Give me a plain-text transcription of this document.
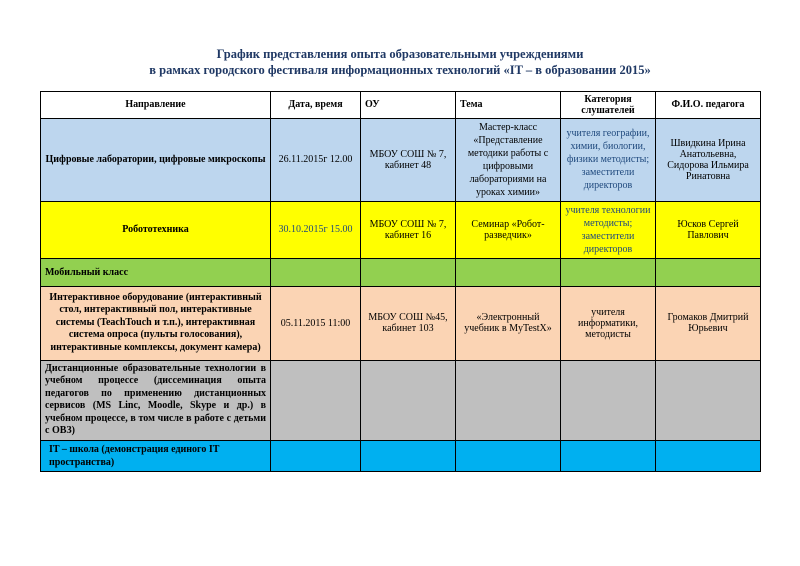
График представления опыта образовательными учреждениями
в рамках городского фестиваля информационных технологий «IT – в образовании 2015»
Направление	Дата, время	ОУ	Тема	Категория слушателей	Ф.И.О. педагога
Цифровые лаборатории, цифровые микроскопы	26.11.2015г 12.00	МБОУ СОШ № 7, кабинет 48	Мастер-класс «Представление методики работы с цифровыми лабораториями на уроках химии»	учителя географии, химии, биологии, физики методисты; заместители директоров	Швидкина Ирина Анатольевна, Сидорова Ильмира Ринатовна
Робототехника	30.10.2015г 15.00	МБОУ СОШ № 7, кабинет 16	Семинар «Робот-разведчик»	учителя технологии методисты; заместители директоров	Юсков Сергей Павлович
Мобильный класс					
Интерактивное оборудование (интерактивный стол, интерактивный пол, интерактивные системы (TeachTouch и т.п.), интерактивная система опроса (пульты голосования), интерактивные комплексы, документ камера)	05.11.2015 11:00	МБОУ СОШ №45, кабинет 103	«Электронный учебник в MyTestX»	учителя информатики, методисты	Громаков Дмитрий Юрьевич
Дистанционные образовательные технологии в учебном процессе (диссеминация опыта педагогов по применению дистанционных сервисов (MS Linc, Moodle, Skype и др.) в учебном процессе, в том числе в работе с детьми с ОВЗ)					
IT – школа (демонстрация единого IT пространства)					
